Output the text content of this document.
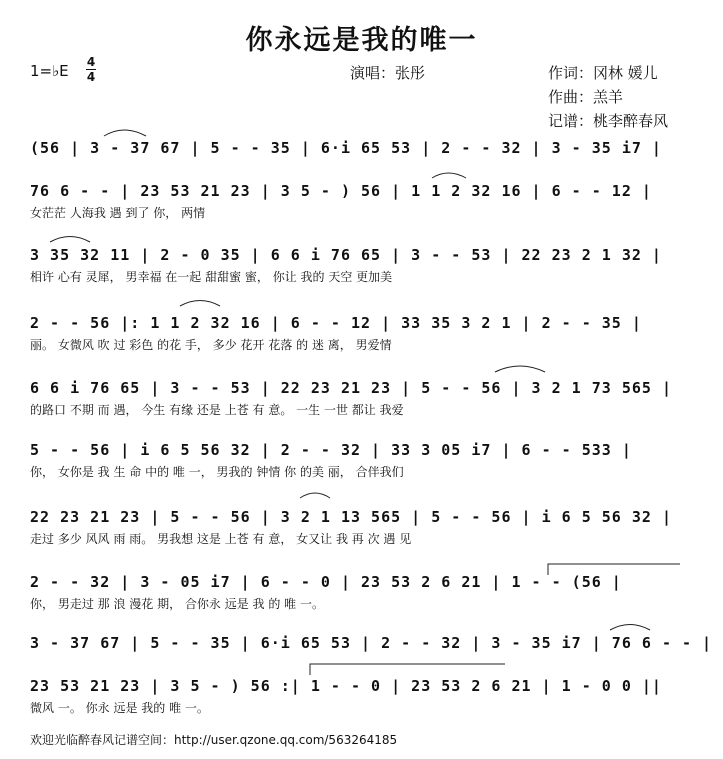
你永远是我的唯一
1=♭E 4
4	演唱：张彤	作词：冈林 媛儿
作曲：羔羊
记谱：桃李醉春风
(56 | 3 - 37 67 | 5 - - 35 | 6·i 65 53 | 2 - - 32 | 3 - 35 i7 |
76 6 - - | 23 53 21 23 | 3 5 - ) 56 | 1 1 2 32 16 | 6 - - 12 |
女茫茫 人海我 遇 到了 你， 两情
3 35 32 11 | 2 - 0 35 | 6 6 i 76 65 | 3 - - 53 | 22 23 2 1 32 |
相许 心有 灵犀， 男幸福 在一起 甜甜蜜 蜜， 你让 我的 天空 更加美
2 - - 56 |: 1 1 2 32 16 | 6 - - 12 | 33 35 3 2 1 | 2 - - 35 |
丽。 女微风 吹 过 彩色 的花 手， 多少 花开 花落 的 迷 离， 男爱情
6 6 i 76 65 | 3 - - 53 | 22 23 21 23 | 5 - - 56 | 3 2 1 73 565 |
的路口 不期 而 遇， 今生 有缘 还是 上苍 有 意。 一生 一世 都让 我爱
5 - - 56 | i 6 5 56 32 | 2 - - 32 | 33 3 05 i7 | 6 - - 533 |
你， 女你是 我 生 命 中的 唯 一， 男我的 钟情 你 的美 丽， 合伴我们
22 23 21 23 | 5 - - 56 | 3 2 1 13 565 | 5 - - 56 | i 6 5 56 32 |
走过 多少 风风 雨 雨。 男我想 这是 上苍 有 意， 女又让 我 再 次 遇 见
2 - - 32 | 3 - 05 i7 | 6 - - 0 | 23 53 2 6 21 | 1 - - (56 |
你， 男走过 那 浪 漫花 期， 合你永 远是 我 的 唯 一。
3 - 37 67 | 5 - - 35 | 6·i 65 53 | 2 - - 32 | 3 - 35 i7 | 76 6 - - |
23 53 21 23 | 3 5 - ) 56 :| 1 - - 0 | 23 53 2 6 21 | 1 - 0 0 ||
微风 一。 你永 远是 我的 唯 一。
欢迎光临醉春风记谱空间：http://user.qzone.qq.com/563264185
